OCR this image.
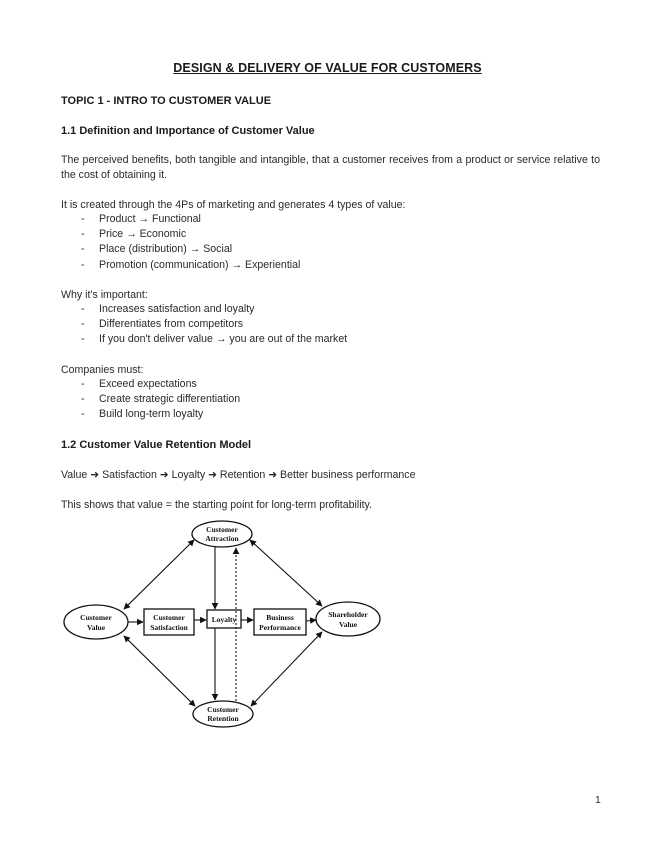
DESIGN & DELIVERY OF VALUE FOR CUSTOMERS
TOPIC 1 - INTRO TO CUSTOMER VALUE
1.1 Definition and Importance of Customer Value
The perceived benefits, both tangible and intangible, that a customer receives from a product or service relative to the cost of obtaining it.
It is created through the 4Ps of marketing and generates 4 types of value:
- Product → Functional
- Price → Economic
- Place (distribution) → Social
- Promotion (communication) → Experiential
Why it's important:
- Increases satisfaction and loyalty
- Differentiates from competitors
- If you don't deliver value → you are out of the market
Companies must:
- Exceed expectations
- Create strategic differentiation
- Build long-term loyalty
1.2 Customer Value Retention Model
Value ➜ Satisfaction ➜ Loyalty ➜ Retention ➜ Better business performance
This shows that value = the starting point for long-term profitability.
Customer
Attraction
Customer
Value
Customer
Satisfaction
Loyalty	Business
Performance
Shareholder
Value
Customer
Retention
1
